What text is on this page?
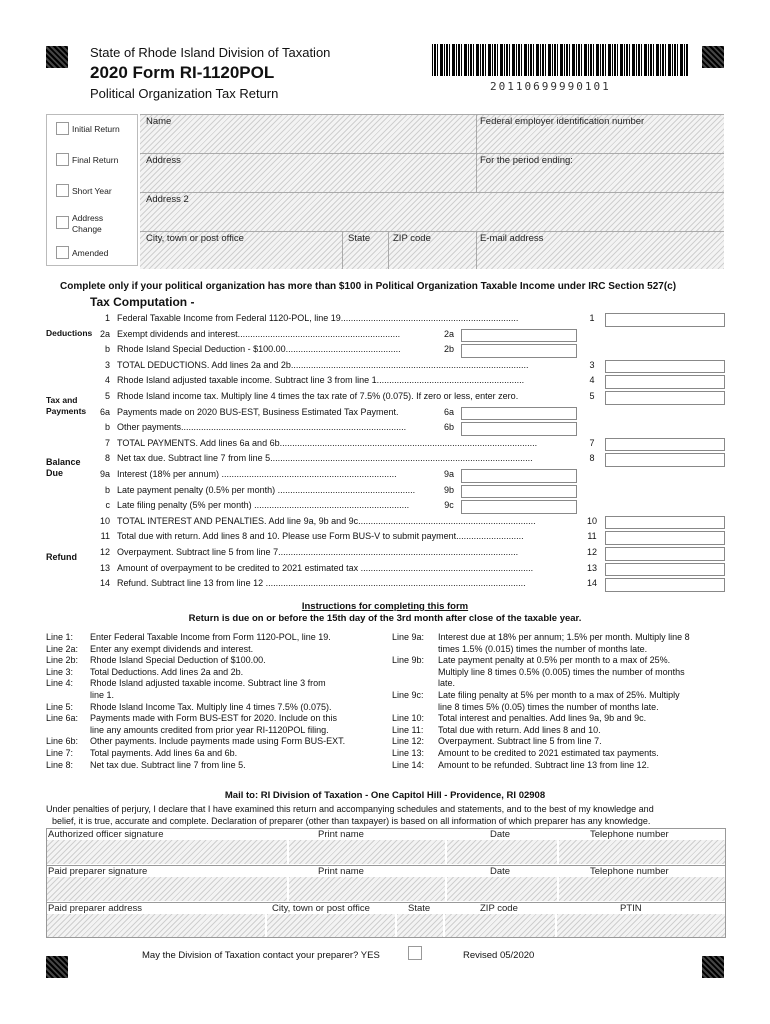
State of Rhode Island Division of Taxation
2020 Form RI-1120POL
Political Organization Tax Return	20110699990101
Initial Return
Final Return
Short Year
Address
Change
Amended
Name	Federal employer identification number
Address	For the period ending:
Address 2
City, town or post office	State ZIP code	E-mail address
Complete only if your political organization has more than $100 in Political Organization Taxable Income under IRC Section 527(c)
Tax Computation -
Deductions
Tax and
Payments
Balance
Due
Refund
1 Federal Taxable Income from Federal 1120-POL, line 19.......................................................................	1
2a Exempt dividends and interest.................................................................	2a
b Rhode Island Special Deduction - $100.00..............................................	2b
3 TOTAL DEDUCTIONS. Add lines 2a and 2b...............................................................................................	3
4 Rhode Island adjusted taxable income. Subtract line 3 from line 1...........................................................	4
5 Rhode Island income tax. Multiply line 4 times the tax rate of 7.5% (0.075). If zero or less, enter zero.	5
6a Payments made on 2020 BUS-EST, Business Estimated Tax Payment.	6a
b Other payments..........................................................................................	6b
7 TOTAL PAYMENTS. Add lines 6a and 6b.......................................................................................................	7
8 Net tax due. Subtract line 7 from line 5.........................................................................................................	8
9a Interest (18% per annum) ......................................................................	9a
b Late payment penalty (0.5% per month) .......................................................	9b
c Late filing penalty (5% per month) ..............................................................	9c
10 TOTAL INTEREST AND PENALTIES. Add line 9a, 9b and 9c.......................................................................	10
11 Total due with return. Add lines 8 and 10. Please use Form BUS-V to submit payment...........................	11
12 Overpayment. Subtract line 5 from line 7................................................................................................	12
13 Amount of overpayment to be credited to 2021 estimated tax .....................................................................	13
14 Refund. Subtract line 13 from line 12 ........................................................................................................	14
Instructions for completing this form
Return is due on or before the 15th day of the 3rd month after close of the taxable year.
Line 1: Enter Federal Taxable Income from Form 1120-POL, line 19.
Line 2a: Enter any exempt dividends and interest.
Line 2b: Rhode Island Special Deduction of $100.00.
Line 3: Total Deductions. Add lines 2a and 2b.
Line 4: Rhode Island adjusted taxable income. Subtract line 3 from
line 1.
Line 5: Rhode Island Income Tax. Multiply line 4 times 7.5% (0.075).
Line 6a: Payments made with Form BUS-EST for 2020. Include on this
line any amounts credited from prior year RI-1120POL filing.
Line 6b: Other payments. Include payments made using Form BUS-EXT.
Line 7: Total payments. Add lines 6a and 6b.
Line 8: Net tax due. Subtract line 7 from line 5.
Line 9a: Interest due at 18% per annum; 1.5% per month. Multiply line 8
times 1.5% (0.015) times the number of months late.
Line 9b: Late payment penalty at 0.5% per month to a max of 25%.
Multiply line 8 times 0.5% (0.005) times the number of months
late.
Line 9c: Late filing penalty at 5% per month to a max of 25%. Multiply
line 8 times 5% (0.05) times the number of months late.
Line 10: Total interest and penalties. Add lines 9a, 9b and 9c.
Line 11: Total due with return. Add lines 8 and 10.
Line 12: Overpayment. Subtract line 5 from line 7.
Line 13: Amount to be credited to 2021 estimated tax payments.
Line 14: Amount to be refunded. Subtract line 13 from line 12.
Mail to: RI Division of Taxation - One Capitol Hill - Providence, RI 02908
Under penalties of perjury, I declare that I have examined this return and accompanying schedules and statements, and to the best of my knowledge and
belief, it is true, accurate and complete. Declaration of preparer (other than taxpayer) is based on all information of which preparer has any knowledge.
Authorized officer signature	Print name	Date	Telephone number
Paid preparer signature	Print name	Date	Telephone number
Paid preparer address	City, town or post office	State	ZIP code	PTIN
May the Division of Taxation contact your preparer? YES	Revised 05/2020
